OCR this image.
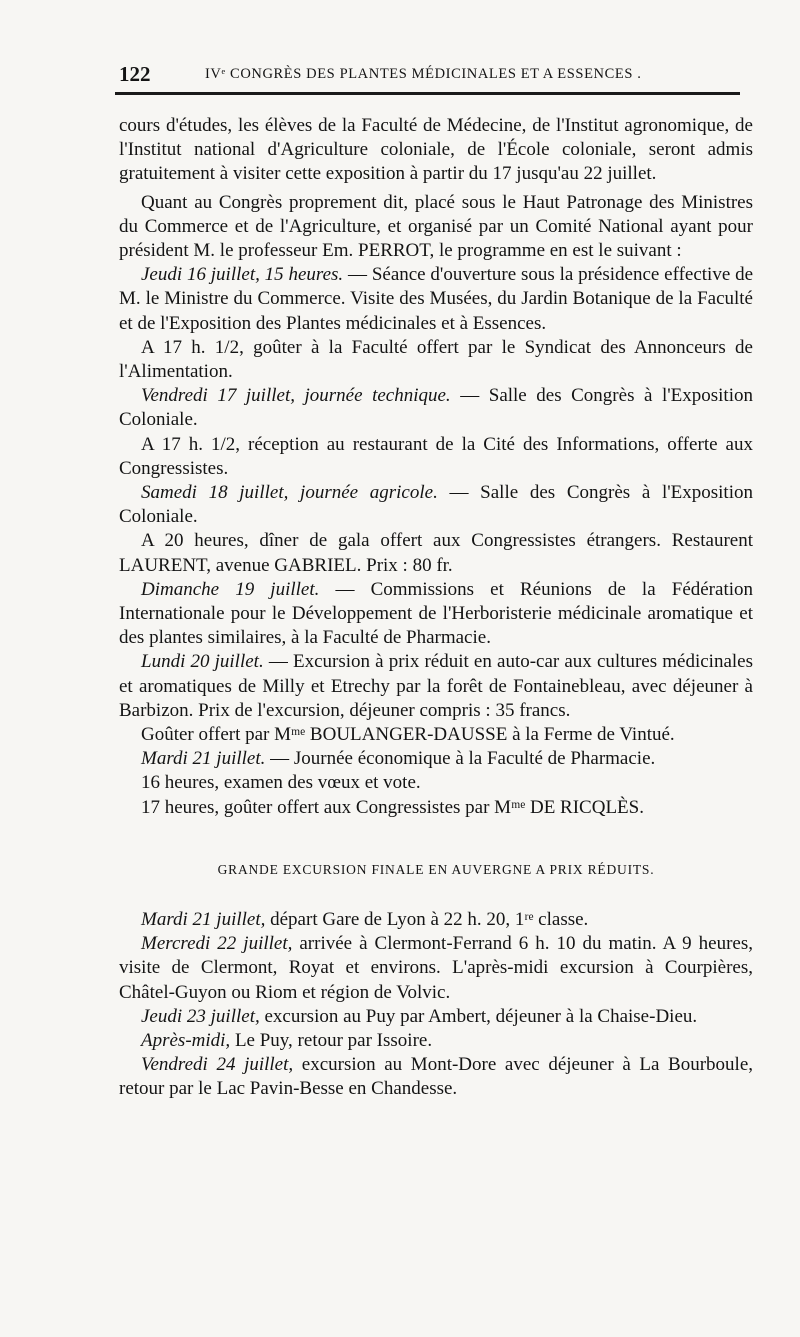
122	IVᵉ CONGRÈS DES PLANTES MÉDICINALES ET A ESSENCES .

cours d'études, les élèves de la Faculté de Médecine, de l'Institut agronomique, de l'Institut national d'Agriculture coloniale, de l'École coloniale, seront admis gratuitement à visiter cette exposition à partir du 17 jusqu'au 22 juillet.

Quant au Congrès proprement dit, placé sous le Haut Patronage des Ministres du Commerce et de l'Agriculture, et organisé par un Comité National ayant pour président M. le professeur Em. PERROT, le programme en est le suivant :

Jeudi 16 juillet, 15 heures. — Séance d'ouverture sous la présidence effective de M. le Ministre du Commerce. Visite des Musées, du Jardin Botanique de la Faculté et de l'Exposition des Plantes médicinales et à Essences.

A 17 h. 1/2, goûter à la Faculté offert par le Syndicat des Annonceurs de l'Alimentation.

Vendredi 17 juillet, journée technique. — Salle des Congrès à l'Exposition Coloniale.

A 17 h. 1/2, réception au restaurant de la Cité des Informations, offerte aux Congressistes.

Samedi 18 juillet, journée agricole. — Salle des Congrès à l'Exposition Coloniale.

A 20 heures, dîner de gala offert aux Congressistes étrangers. Restaurent LAURENT, avenue GABRIEL. Prix : 80 fr.

Dimanche 19 juillet. — Commissions et Réunions de la Fédération Internationale pour le Développement de l'Herboristerie médicinale aromatique et des plantes similaires, à la Faculté de Pharmacie.

Lundi 20 juillet. — Excursion à prix réduit en auto-car aux cultures médicinales et aromatiques de Milly et Etrechy par la forêt de Fontainebleau, avec déjeuner à Barbizon. Prix de l'excursion, déjeuner compris : 35 francs.

Goûter offert par Mᵐᵉ BOULANGER-DAUSSE à la Ferme de Vintué.

Mardi 21 juillet. — Journée économique à la Faculté de Pharmacie.

16 heures, examen des vœux et vote.

17 heures, goûter offert aux Congressistes par Mᵐᵉ DE RICQLÈS.

GRANDE EXCURSION FINALE EN AUVERGNE A PRIX RÉDUITS.

Mardi 21 juillet, départ Gare de Lyon à 22 h. 20, 1ʳᵉ classe.

Mercredi 22 juillet, arrivée à Clermont-Ferrand 6 h. 10 du matin. A 9 heures, visite de Clermont, Royat et environs. L'après-midi excursion à Courpières, Châtel-Guyon ou Riom et région de Volvic.

Jeudi 23 juillet, excursion au Puy par Ambert, déjeuner à la Chaise-Dieu.

Après-midi, Le Puy, retour par Issoire.

Vendredi 24 juillet, excursion au Mont-Dore avec déjeuner à La Bourboule, retour par le Lac Pavin-Besse en Chandesse.
